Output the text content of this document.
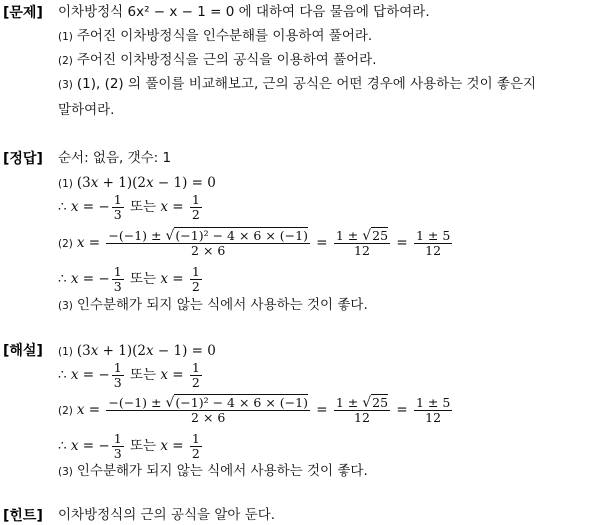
[문제] 이차방정식 6x² − x − 1 = 0 에 대하여 다음 물음에 답하여라.
(1) 주어진 이차방정식을 인수분해를 이용하여 풀어라.
(2) 주어진 이차방정식을 근의 공식을 이용하여 풀어라.
(3) (1), (2) 의 풀이를 비교해보고, 근의 공식은 어떤 경우에 사용하는 것이 좋은지
말하여라.
[정답] 순서: 없음, 갯수: 1
(1) (3x + 1)(2x − 1) = 0
∴ x = − $\frac{1}{3}$ 또는 $x = \frac{1}{2}$
(2) $x = \frac{\text{−(−1) ± √(−1)² − 4 × 6 × (−1)}}{2 \times 6} = \frac{1 \pm √25}{12} = \frac{1 \pm 5}{12}$
∴ x = − $\frac{1}{3}$ 또는 $x = \frac{1}{2}$
(3) 인수분해가 되지 않는 식에서 사용하는 것이 좋다.
[해설] (1) (3x + 1)(2x − 1) = 0
∴ x = − $\frac{1}{3}$ 또는 $x = \frac{1}{2}$
(2) $x = \frac{\text{−(−1) ± √(−1)² − 4 × 6 × (−1)}}{2 \times 6} = \frac{1 \pm √25}{12} = \frac{1 \pm 5}{12}$
∴ x = − $\frac{1}{3}$ 또는 $x = \frac{1}{2}$
(3) 인수분해가 되지 않는 식에서 사용하는 것이 좋다.
[힌트] 이차방정식의 근의 공식을 알아 둔다.
